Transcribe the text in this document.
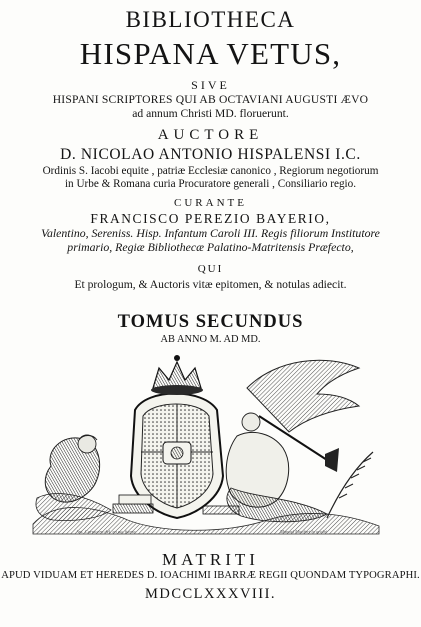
BIBLIOTHECA
HISPANA VETUS,
SIVE
HISPANI SCRIPTORES QUI AB OCTAVIANI AUGUSTI ÆVO
ad annum Christi MD. floruerunt.
AUCTORE
D. NICOLAO ANTONIO HISPALENSI I.C.
Ordinis S. Iacobi equite , patriæ Ecclesiæ canonico , Regiorum negotiorum
in Urbe & Romana curia Procuratore generali , Consiliario regio.
CURANTE
FRANCISCO PEREZIO BAYERIO,
Valentino, Sereniss. Hisp. Infantum Caroli III. Regis filiorum Institutore
primario, Regiæ Bibliothecæ Palatino-Matritensis Præfecto,
QUI
Et prologum, & Auctoris vitæ epitomen, & notulas adiecit.
TOMUS SECUNDUS
AB ANNO M. AD MD.
Ant. Carnicero del. en ag. fuerte	Manuel Monfort lo grabó
MATRITI
APUD VIDUAM ET HEREDES D. IOACHIMI IBARRÆ REGII QUONDAM TYPOGRAPHI.
MDCCLXXXVIII.
